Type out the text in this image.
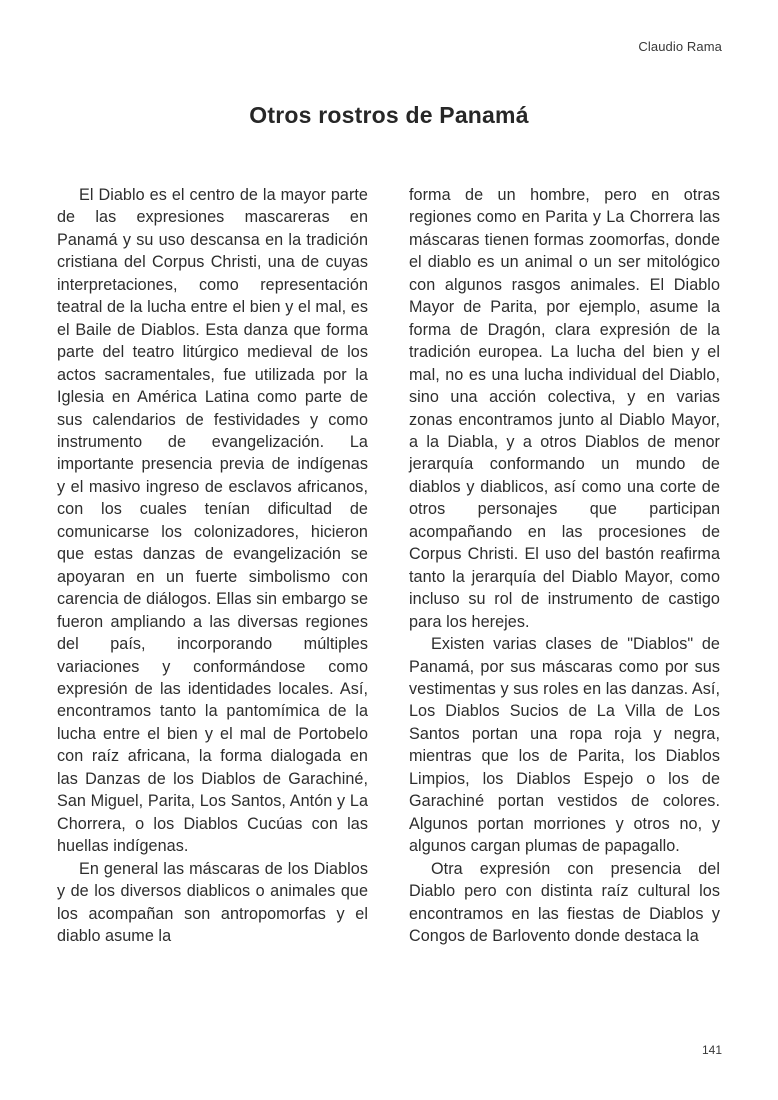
Claudio Rama
Otros rostros de Panamá

El Diablo es el centro de la mayor parte de las expresiones mascareras en Panamá y su uso descansa en la tradición cristiana del Corpus Christi, una de cuyas interpretaciones, como representación teatral de la lucha entre el bien y el mal, es el Baile de Diablos. Esta danza que forma parte del teatro litúrgico medieval de los actos sacramentales, fue utilizada por la Iglesia en América Latina como parte de sus calendarios de festividades y como instrumento de evangelización. La importante presencia previa de indígenas y el masivo ingreso de esclavos africanos, con los cuales tenían dificultad de comunicarse los colonizadores, hicieron que estas danzas de evangelización se apoyaran en un fuerte simbolismo con carencia de diálogos. Ellas sin embargo se fueron ampliando a las diversas regiones del país, incorporando múltiples variaciones y conformándose como expresión de las identidades locales. Así, encontramos tanto la pantomímica de la lucha entre el bien y el mal de Portobelo con raíz africana, la forma dialogada en las Danzas de los Diablos de Garachiné, San Miguel, Parita, Los Santos, Antón y La Chorrera, o los Diablos Cucúas con las huellas indígenas.

En general las máscaras de los Diablos y de los diversos diablicos o animales que los acompañan son antropomorfas y el diablo asume la

forma de un hombre, pero en otras regiones como en Parita y La Chorrera las máscaras tienen formas zoomorfas, donde el diablo es un animal o un ser mitológico con algunos rasgos animales. El Diablo Mayor de Parita, por ejemplo, asume la forma de Dragón, clara expresión de la tradición europea. La lucha del bien y el mal, no es una lucha individual del Diablo, sino una acción colectiva, y en varias zonas encontramos junto al Diablo Mayor, a la Diabla, y a otros Diablos de menor jerarquía conformando un mundo de diablos y diablicos, así como una corte de otros personajes que participan acompañando en las procesiones de Corpus Christi. El uso del bastón reafirma tanto la jerarquía del Diablo Mayor, como incluso su rol de instrumento de castigo para los herejes.

Existen varias clases de "Diablos" de Panamá, por sus máscaras como por sus vestimentas y sus roles en las danzas. Así, Los Diablos Sucios de La Villa de Los Santos portan una ropa roja y negra, mientras que los de Parita, los Diablos Limpios, los Diablos Espejo o los de Garachiné portan vestidos de colores. Algunos portan morriones y otros no, y algunos cargan plumas de papagallo.

Otra expresión con presencia del Diablo pero con distinta raíz cultural los encontramos en las fiestas de Diablos y Congos de Barlovento donde destaca la

141
